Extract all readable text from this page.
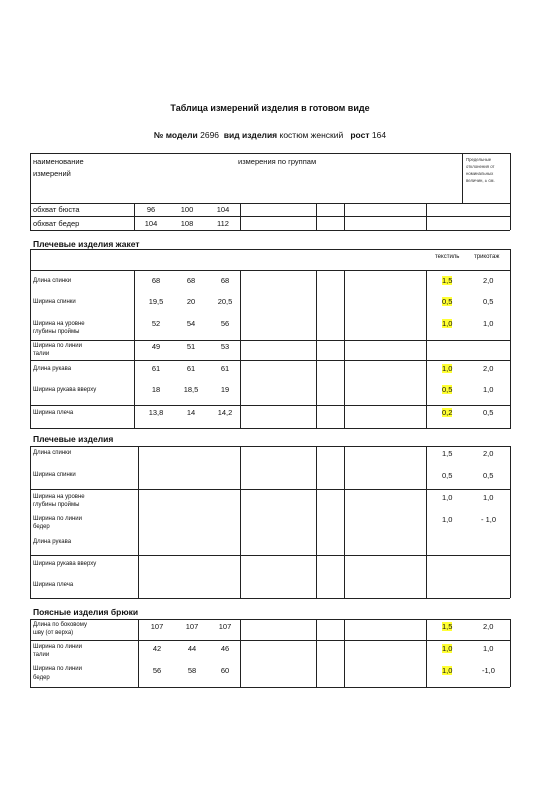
Таблица измерений изделия в готовом виде
№ модели 2696 вид изделия костюм женский рост 164
наименование
измерений
измерения по группам	Предельные
отклонения от
номинальных
величин, ± см.
обхват бюста	96	100	104
обхват бедер	104	108	112
Плечевые изделия жакет
текстиль трикотаж
Длина спинки	68	68	68	1,5	2,0
Ширина спинки	19,5	20	20,5	0,5	0,5
Ширина на уровне
глубины проймы
52	54	56	1,0	1,0
Ширина по линии
талии
49	51	53
Длина рукава	61	61	61	1,0	2,0
Ширина рукава вверху	18	18,5	19	0,5	1,0
Ширина плеча	13,8	14	14,2	0,2	0,5
Плечевые изделия
Длина спинки	1,5	2,0
Ширина спинки	0,5	0,5
Ширина на уровне
глубины проймы
1,0	1,0
Ширина по линии
бедер
1,0	- 1,0
Длина рукава
Ширина рукава вверху
Ширина плеча
Поясные изделия брюки
Длина по боковому
шву (от верха)
107	107	107	1,5	2,0
Ширина по линии
талии
42	44	46	1,0	1,0
Ширина по линии
бедер
56	58	60	1,0	-1,0
